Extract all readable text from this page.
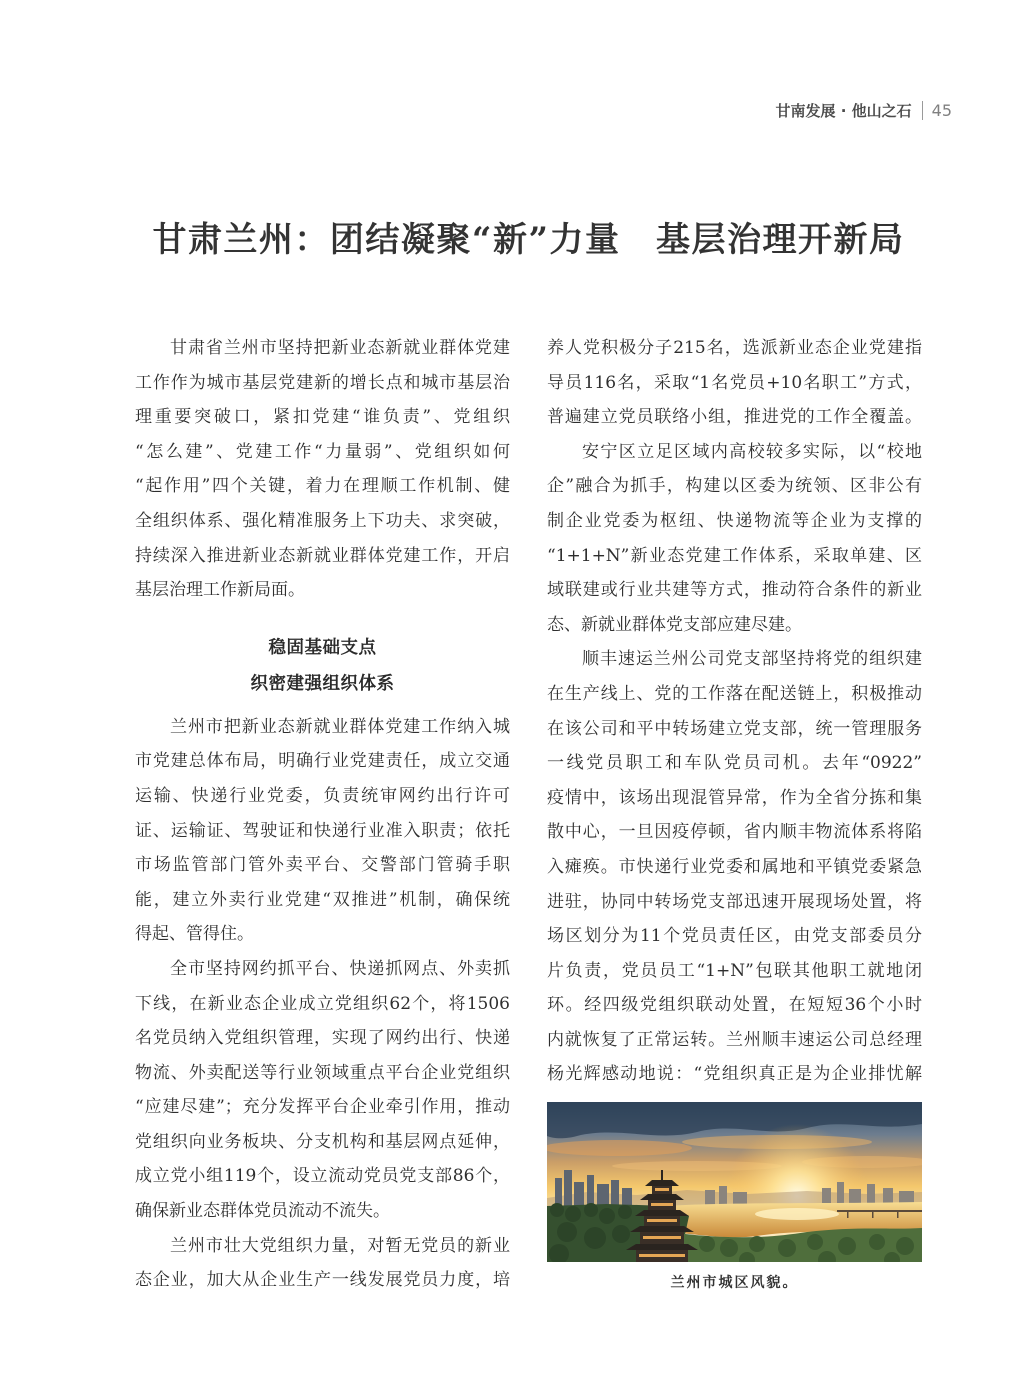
甘南发展 · 他山之石 45
甘肃兰州：团结凝聚“新”力量　基层治理开新局
甘肃省兰州市坚持把新业态新就业群体党建
工作作为城市基层党建新的增长点和城市基层治
理重要突破口，紧扣党建“谁负责”、党组织
“怎么建”、党建工作“力量弱”、党组织如何
“起作用”四个关键，着力在理顺工作机制、健
全组织体系、强化精准服务上下功夫、求突破，
持续深入推进新业态新就业群体党建工作，开启
基层治理工作新局面。
稳固基础支点
织密建强组织体系
兰州市把新业态新就业群体党建工作纳入城
市党建总体布局，明确行业党建责任，成立交通
运输、快递行业党委，负责统审网约出行许可
证、运输证、驾驶证和快递行业准入职责；依托
市场监管部门管外卖平台、交警部门管骑手职
能，建立外卖行业党建“双推进”机制，确保统
得起、管得住。
全市坚持网约抓平台、快递抓网点、外卖抓
下线，在新业态企业成立党组织62个，将1506
名党员纳入党组织管理，实现了网约出行、快递
物流、外卖配送等行业领域重点平台企业党组织
“应建尽建”；充分发挥平台企业牵引作用，推动
党组织向业务板块、分支机构和基层网点延伸，
成立党小组119个，设立流动党员党支部86个，
确保新业态群体党员流动不流失。
兰州市壮大党组织力量，对暂无党员的新业
态企业，加大从企业生产一线发展党员力度，培
养人党积极分子215名，选派新业态企业党建指
导员116名，采取“1名党员+10名职工”方式，
普遍建立党员联络小组，推进党的工作全覆盖。
安宁区立足区域内高校较多实际，以“校地
企”融合为抓手，构建以区委为统领、区非公有
制企业党委为枢纽、快递物流等企业为支撑的
“1+1+N”新业态党建工作体系，采取单建、区
域联建或行业共建等方式，推动符合条件的新业
态、新就业群体党支部应建尽建。
顺丰速运兰州公司党支部坚持将党的组织建
在生产线上、党的工作落在配送链上，积极推动
在该公司和平中转场建立党支部，统一管理服务
一线党员职工和车队党员司机。去年“0922”
疫情中，该场出现混管异常，作为全省分拣和集
散中心，一旦因疫停顿，省内顺丰物流体系将陷
入瘫痪。市快递行业党委和属地和平镇党委紧急
进驻，协同中转场党支部迅速开展现场处置，将
场区划分为11个党员责任区，由党支部委员分
片负责，党员员工“1+N”包联其他职工就地闭
环。经四级党组织联动处置，在短短36个小时
内就恢复了正常运转。兰州顺丰速运公司总经理
杨光辉感动地说：“党组织真正是为企业排忧解
兰州市城区风貌。
